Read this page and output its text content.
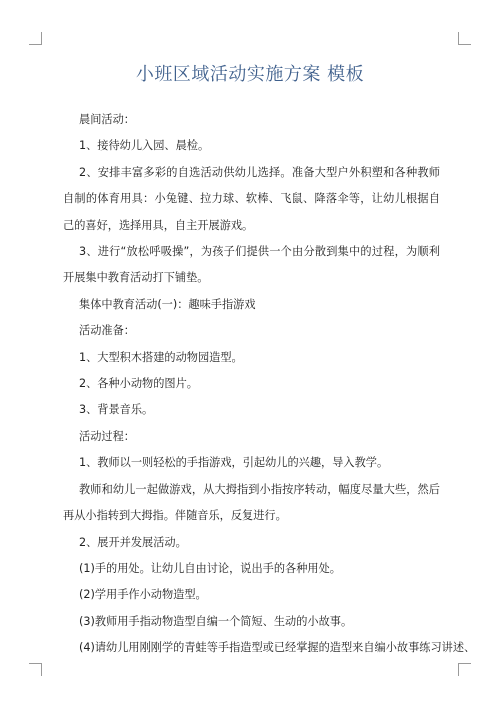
小班区域活动实施方案 模板

晨间活动：

1、接待幼儿入园、晨检。

2、安排丰富多彩的自选活动供幼儿选择。准备大型户外积塑和各种教师自制的体育用具：小兔键、拉力球、软棒、飞鼠、降落伞等，让幼儿根据自己的喜好，选择用具，自主开展游戏。

3、进行“放松呼吸操”，为孩子们提供一个由分散到集中的过程，为顺利开展集中教育活动打下铺垫。

集体中教育活动(一)：趣味手指游戏

活动准备：

1、大型积木搭建的动物园造型。

2、各种小动物的图片。

3、背景音乐。

活动过程：

1、教师以一则轻松的手指游戏，引起幼儿的兴趣，导入教学。

教师和幼儿一起做游戏，从大拇指到小指按序转动，幅度尽量大些，然后再从小指转到大拇指。伴随音乐，反复进行。

2、展开并发展活动。

(1)手的用处。让幼儿自由讨论，说出手的各种用处。

(2)学用手作小动物造型。

(3)教师用手指动物造型自编一个简短、生动的小故事。

(4)请幼儿用刚刚学的青蛙等手指造型或已经掌握的造型来自编小故事练习讲述、
